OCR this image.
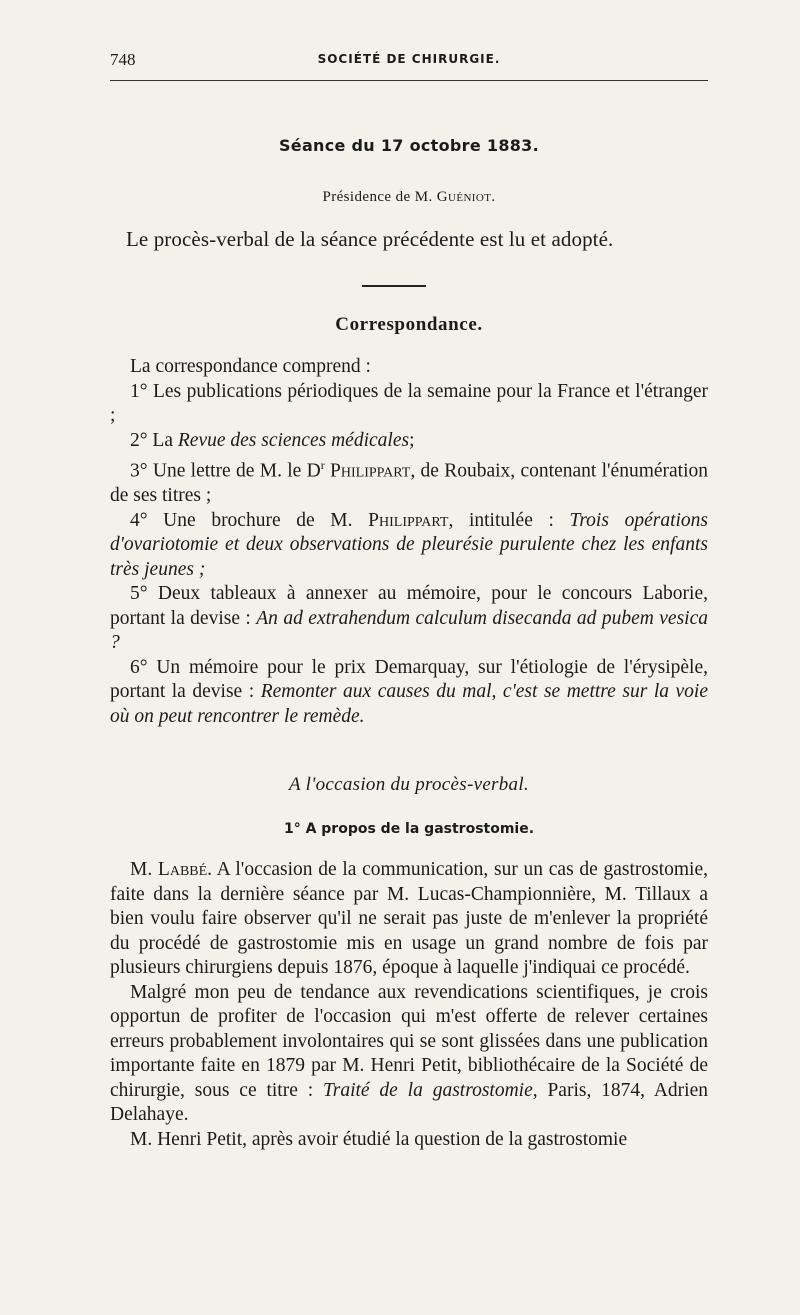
748	SOCIÉTÉ DE CHIRURGIE.
Séance du 17 octobre 1883.
Présidence de M. Guéniot.
Le procès-verbal de la séance précédente est lu et adopté.
Correspondance.

La correspondance comprend :

1° Les publications périodiques de la semaine pour la France et l'étranger ;

2° La Revue des sciences médicales;

3° Une lettre de M. le $D^r$ Philippart, de Roubaix, contenant l'énumération de ses titres ;

4° Une brochure de M. Philippart, intitulée : Trois opérations d'ovariotomie et deux observations de pleurésie purulente chez les enfants très jeunes ;

5° Deux tableaux à annexer au mémoire, pour le concours Laborie, portant la devise : An ad extrahendum calculum disecanda ad pubem vesica ?

6° Un mémoire pour le prix Demarquay, sur l'étiologie de l'érysipèle, portant la devise : Remonter aux causes du mal, c'est se mettre sur la voie où on peut rencontrer le remède.

A l'occasion du procès-verbal.
1° A propos de la gastrostomie.

M. Labbé. A l'occasion de la communication, sur un cas de gastrostomie, faite dans la dernière séance par M. Lucas-Championnière, M. Tillaux a bien voulu faire observer qu'il ne serait pas juste de m'enlever la propriété du procédé de gastrostomie mis en usage un grand nombre de fois par plusieurs chirurgiens depuis 1876, époque à laquelle j'indiquai ce procédé.

Malgré mon peu de tendance aux revendications scientifiques, je crois opportun de profiter de l'occasion qui m'est offerte de relever certaines erreurs probablement involontaires qui se sont glissées dans une publication importante faite en 1879 par M. Henri Petit, bibliothécaire de la Société de chirurgie, sous ce titre : Traité de la gastrostomie, Paris, 1874, Adrien Delahaye.

M. Henri Petit, après avoir étudié la question de la gastrostomie
